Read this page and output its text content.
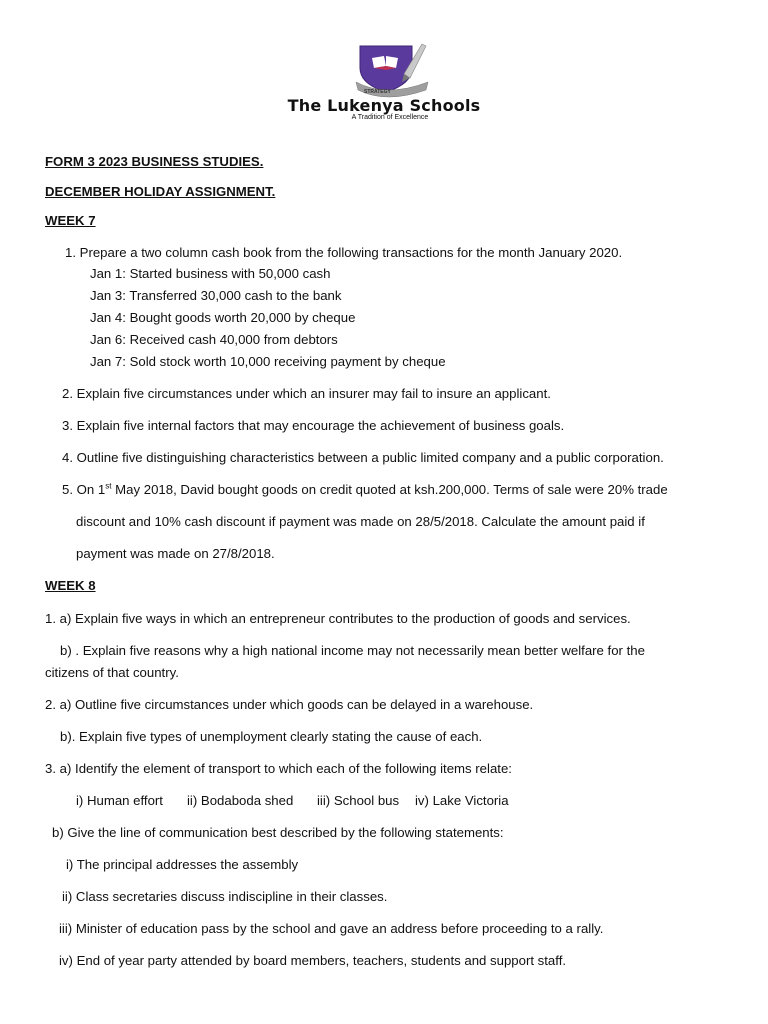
STRATEGY
The Lukenya Schools
A Tradition of Excellence
FORM 3 2023 BUSINESS STUDIES.
DECEMBER HOLIDAY ASSIGNMENT.
WEEK 7
1. Prepare a two column cash book from the following transactions for the month January 2020.
Jan 1: Started business with 50,000 cash
Jan 3: Transferred 30,000 cash to the bank
Jan 4: Bought goods worth 20,000 by cheque
Jan 6: Received cash 40,000 from debtors
Jan 7: Sold stock worth 10,000 receiving payment by cheque
2. Explain five circumstances under which an insurer may fail to insure an applicant.
3. Explain five internal factors that may encourage the achievement of business goals.
4. Outline five distinguishing characteristics between a public limited company and a public corporation.
5. On 1st May 2018, David bought goods on credit quoted at ksh.200,000. Terms of sale were 20% trade
discount and 10% cash discount if payment was made on 28/5/2018. Calculate the amount paid if
payment was made on 27/8/2018.
WEEK 8
1. a) Explain five ways in which an entrepreneur contributes to the production of goods and services.
b) . Explain five reasons why a high national income may not necessarily mean better welfare for the
citizens of that country.
2. a) Outline five circumstances under which goods can be delayed in a warehouse.
b). Explain five types of unemployment clearly stating the cause of each.
3. a) Identify the element of transport to which each of the following items relate:
i) Human effort ii) Bodaboda shed iii) School bus iv) Lake Victoria
b) Give the line of communication best described by the following statements:
i) The principal addresses the assembly
ii) Class secretaries discuss indiscipline in their classes.
iii) Minister of education pass by the school and gave an address before proceeding to a rally.
iv) End of year party attended by board members, teachers, students and support staff.
